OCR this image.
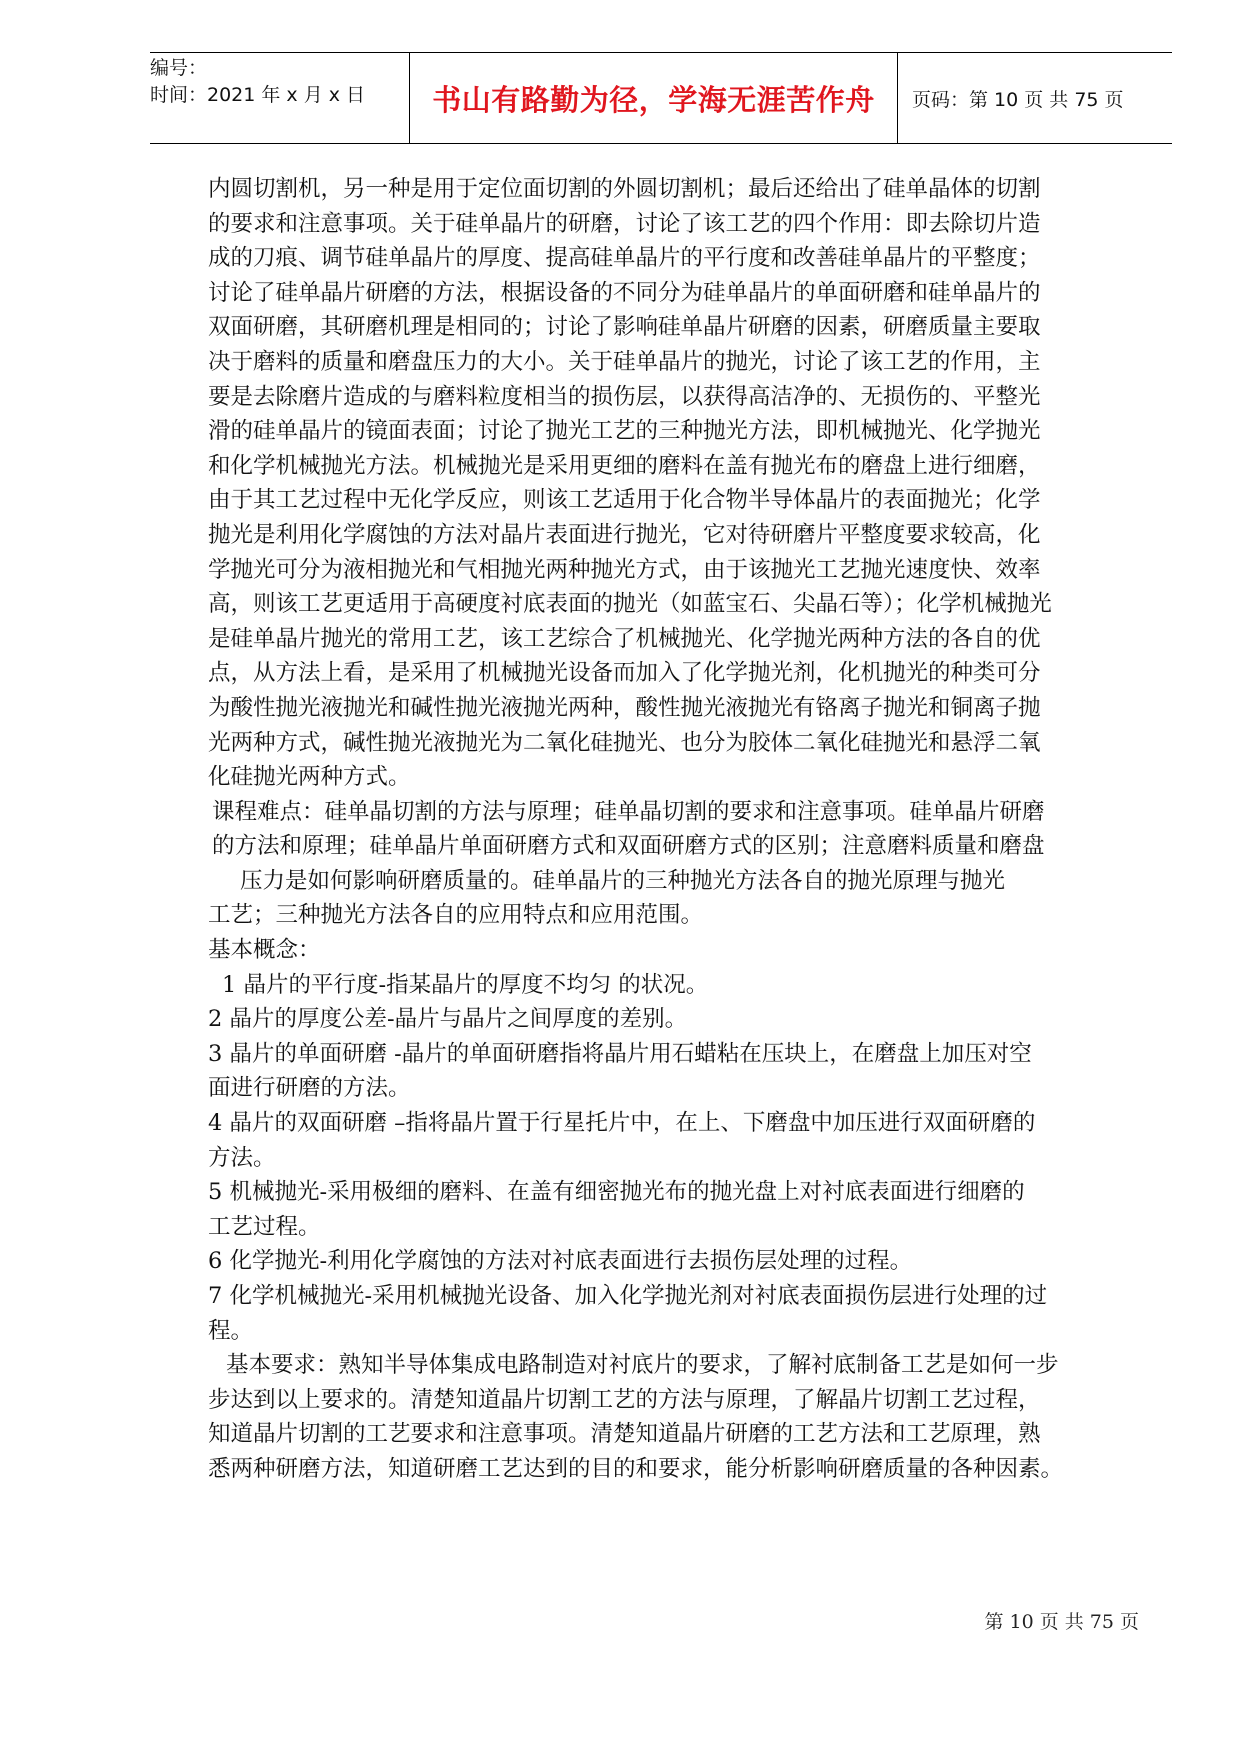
编号：
时间：2021 年 x 月 x 日	书山有路勤为径，学海无涯苦作舟 页码：第 10 页 共 75 页
内圆切割机，另一种是用于定位面切割的外圆切割机；最后还给出了硅单晶体的切割
的要求和注意事项。关于硅单晶片的研磨，讨论了该工艺的四个作用：即去除切片造
成的刀痕、调节硅单晶片的厚度、提高硅单晶片的平行度和改善硅单晶片的平整度；
讨论了硅单晶片研磨的方法，根据设备的不同分为硅单晶片的单面研磨和硅单晶片的
双面研磨，其研磨机理是相同的；讨论了影响硅单晶片研磨的因素，研磨质量主要取
决于磨料的质量和磨盘压力的大小。关于硅单晶片的抛光，讨论了该工艺的作用，主
要是去除磨片造成的与磨料粒度相当的损伤层，以获得高洁净的、无损伤的、平整光
滑的硅单晶片的镜面表面；讨论了抛光工艺的三种抛光方法，即机械抛光、化学抛光
和化学机械抛光方法。机械抛光是采用更细的磨料在盖有抛光布的磨盘上进行细磨，
由于其工艺过程中无化学反应，则该工艺适用于化合物半导体晶片的表面抛光；化学
抛光是利用化学腐蚀的方法对晶片表面进行抛光，它对待研磨片平整度要求较高，化
学抛光可分为液相抛光和气相抛光两种抛光方式，由于该抛光工艺抛光速度快、效率
高，则该工艺更适用于高硬度衬底表面的抛光（如蓝宝石、尖晶石等）；化学机械抛光
是硅单晶片抛光的常用工艺，该工艺综合了机械抛光、化学抛光两种方法的各自的优
点，从方法上看，是采用了机械抛光设备而加入了化学抛光剂，化机抛光的种类可分
为酸性抛光液抛光和碱性抛光液抛光两种，酸性抛光液抛光有铬离子抛光和铜离子抛
光两种方式，碱性抛光液抛光为二氧化硅抛光、也分为胶体二氧化硅抛光和悬浮二氧
化硅抛光两种方式。
课程难点：硅单晶切割的方法与原理；硅单晶切割的要求和注意事项。硅单晶片研磨
的方法和原理；硅单晶片单面研磨方式和双面研磨方式的区别；注意磨料质量和磨盘
压力是如何影响研磨质量的。硅单晶片的三种抛光方法各自的抛光原理与抛光
工艺；三种抛光方法各自的应用特点和应用范围。
基本概念：
1 晶片的平行度-指某晶片的厚度不均匀 的状况。
2 晶片的厚度公差-晶片与晶片之间厚度的差别。
3 晶片的单面研磨 -晶片的单面研磨指将晶片用石蜡粘在压块上，在磨盘上加压对空
面进行研磨的方法。
4 晶片的双面研磨 –指将晶片置于行星托片中，在上、下磨盘中加压进行双面研磨的
方法。
5 机械抛光-采用极细的磨料、在盖有细密抛光布的抛光盘上对衬底表面进行细磨的
工艺过程。
6 化学抛光-利用化学腐蚀的方法对衬底表面进行去损伤层处理的过程。
7 化学机械抛光-采用机械抛光设备、加入化学抛光剂对衬底表面损伤层进行处理的过
程。
基本要求：熟知半导体集成电路制造对衬底片的要求，了解衬底制备工艺是如何一步
步达到以上要求的。清楚知道晶片切割工艺的方法与原理，了解晶片切割工艺过程，
知道晶片切割的工艺要求和注意事项。清楚知道晶片研磨的工艺方法和工艺原理，熟
悉两种研磨方法，知道研磨工艺达到的目的和要求，能分析影响研磨质量的各种因素。
第 10 页 共 75 页
